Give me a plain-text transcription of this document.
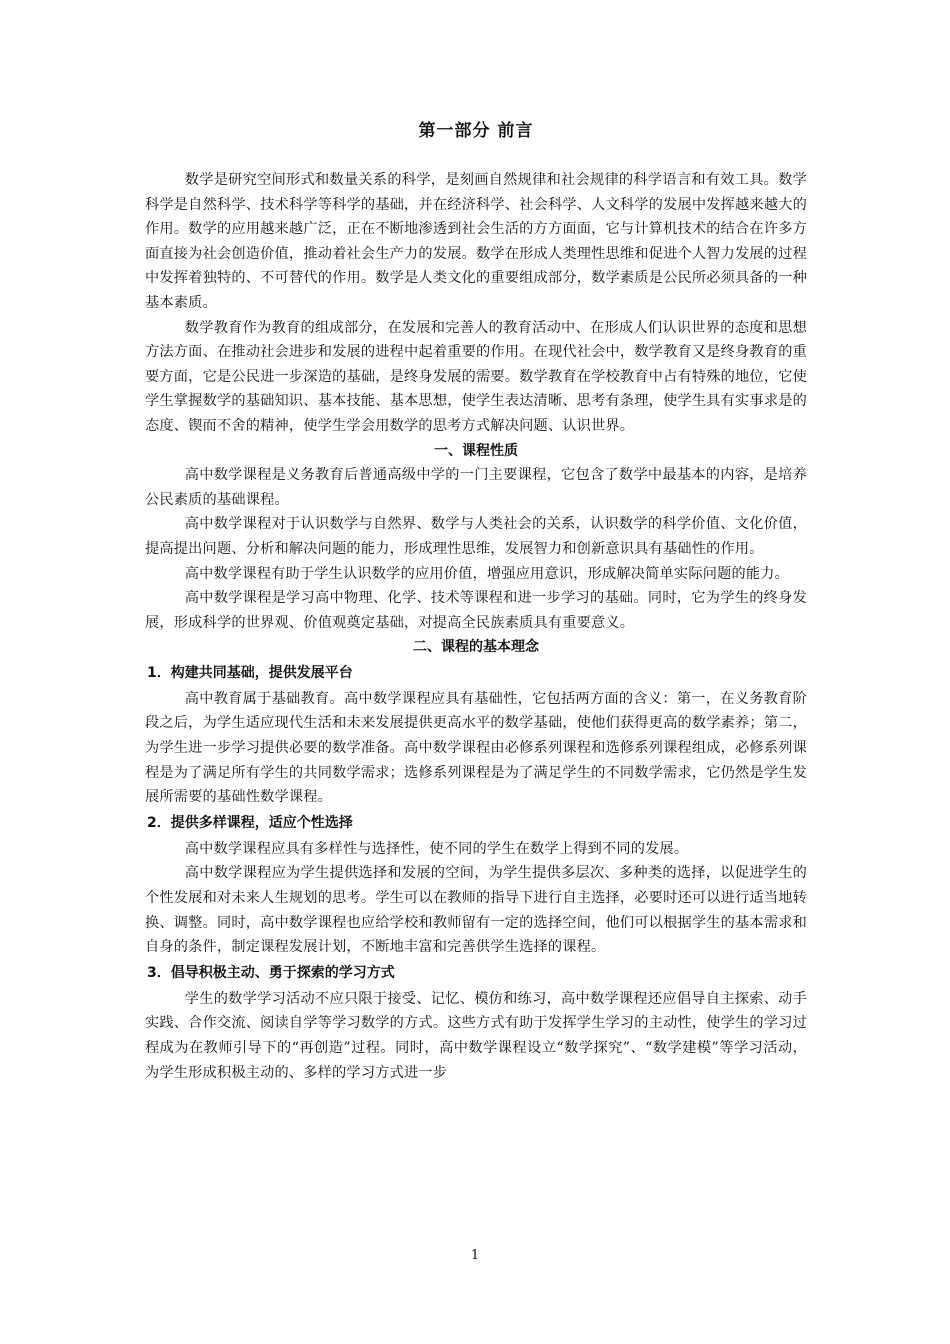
第一部分 前言

数学是研究空间形式和数量关系的科学，是刻画自然规律和社会规律的科学语言和有效工具。数学科学是自然科学、技术科学等科学的基础，并在经济科学、社会科学、人文科学的发展中发挥越来越大的作用。数学的应用越来越广泛，正在不断地渗透到社会生活的方方面面，它与计算机技术的结合在许多方面直接为社会创造价值，推动着社会生产力的发展。数学在形成人类理性思维和促进个人智力发展的过程中发挥着独特的、不可替代的作用。数学是人类文化的重要组成部分，数学素质是公民所必须具备的一种基本素质。

数学教育作为教育的组成部分，在发展和完善人的教育活动中、在形成人们认识世界的态度和思想方法方面、在推动社会进步和发展的进程中起着重要的作用。在现代社会中，数学教育又是终身教育的重要方面，它是公民进一步深造的基础，是终身发展的需要。数学教育在学校教育中占有特殊的地位，它使学生掌握数学的基础知识、基本技能、基本思想，使学生表达清晰、思考有条理，使学生具有实事求是的态度、锲而不舍的精神，使学生学会用数学的思考方式解决问题、认识世界。

一、课程性质

高中数学课程是义务教育后普通高级中学的一门主要课程，它包含了数学中最基本的内容，是培养公民素质的基础课程。

高中数学课程对于认识数学与自然界、数学与人类社会的关系，认识数学的科学价值、文化价值，提高提出问题、分析和解决问题的能力，形成理性思维，发展智力和创新意识具有基础性的作用。

高中数学课程有助于学生认识数学的应用价值，增强应用意识，形成解决简单实际问题的能力。

高中数学课程是学习高中物理、化学、技术等课程和进一步学习的基础。同时，它为学生的终身发展，形成科学的世界观、价值观奠定基础，对提高全民族素质具有重要意义。

二、课程的基本理念
1．构建共同基础，提供发展平台

高中教育属于基础教育。高中数学课程应具有基础性，它包括两方面的含义：第一，在义务教育阶段之后，为学生适应现代生活和未来发展提供更高水平的数学基础，使他们获得更高的数学素养；第二，为学生进一步学习提供必要的数学准备。高中数学课程由必修系列课程和选修系列课程组成，必修系列课程是为了满足所有学生的共同数学需求；选修系列课程是为了满足学生的不同数学需求，它仍然是学生发展所需要的基础性数学课程。

2．提供多样课程，适应个性选择

高中数学课程应具有多样性与选择性，使不同的学生在数学上得到不同的发展。

高中数学课程应为学生提供选择和发展的空间，为学生提供多层次、多种类的选择，以促进学生的个性发展和对未来人生规划的思考。学生可以在教师的指导下进行自主选择，必要时还可以进行适当地转换、调整。同时，高中数学课程也应给学校和教师留有一定的选择空间，他们可以根据学生的基本需求和自身的条件，制定课程发展计划，不断地丰富和完善供学生选择的课程。

3．倡导积极主动、勇于探索的学习方式

学生的数学学习活动不应只限于接受、记忆、模仿和练习，高中数学课程还应倡导自主探索、动手实践、合作交流、阅读自学等学习数学的方式。这些方式有助于发挥学生学习的主动性，使学生的学习过程成为在教师引导下的“再创造”过程。同时，高中数学课程设立“数学探究”、“数学建模”等学习活动，为学生形成积极主动的、多样的学习方式进一步

1
